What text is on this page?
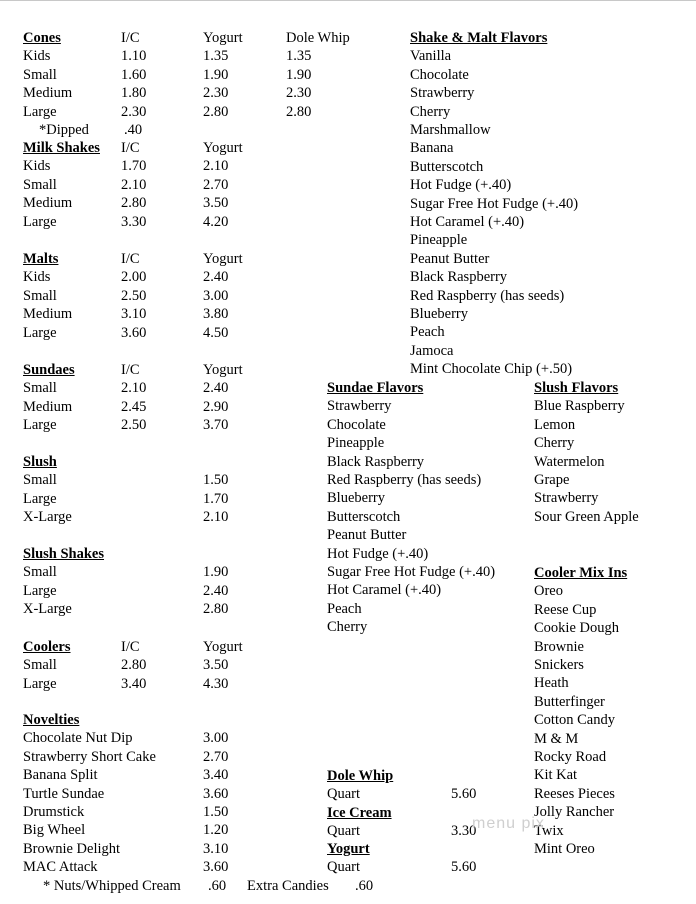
Cones	I/C	Yogurt	Dole Whip
Kids	1.10	1.35	1.35
Small	1.60	1.90	1.90
Medium	1.80	2.30	2.30
Large	2.30	2.80	2.80
*Dipped .40
Milk Shakes I/C	Yogurt
Kids	1.70	2.10
Small	2.10	2.70
Medium	2.80	3.50
Large	3.30	4.20
Malts	I/C	Yogurt
Kids	2.00	2.40
Small	2.50	3.00
Medium	3.10	3.80
Large	3.60	4.50
Sundaes	I/C	Yogurt
Small	2.10	2.40
Medium	2.45	2.90
Large	2.50	3.70
Slush
Small	1.50
Large	1.70
X-Large	2.10
Slush Shakes
Small	1.90
Large	2.40
X-Large	2.80
Coolers	I/C	Yogurt
Small	2.80	3.50
Large	3.40	4.30
Novelties
Chocolate Nut Dip	3.00
Strawberry Short Cake	2.70
Banana Split	3.40
Turtle Sundae	3.60
Drumstick	1.50
Big Wheel	1.20
Brownie Delight	3.10
MAC Attack	3.60
* Nuts/Whipped Cream .60 Extra Candies .60
Shake & Malt Flavors
Vanilla
Chocolate
Strawberry
Cherry
Marshmallow
Banana
Butterscotch
Hot Fudge (+.40)
Sugar Free Hot Fudge (+.40)
Hot Caramel (+.40)
Pineapple
Peanut Butter
Black Raspberry
Red Raspberry (has seeds)
Blueberry
Peach
Jamoca
Mint Chocolate Chip (+.50)
Sundae Flavors
Strawberry
Chocolate
Pineapple
Black Raspberry
Red Raspberry (has seeds)
Blueberry
Butterscotch
Peanut Butter
Hot Fudge (+.40)
Sugar Free Hot Fudge (+.40)
Hot Caramel (+.40)
Peach
Cherry
Slush Flavors
Blue Raspberry
Lemon
Cherry
Watermelon
Grape
Strawberry
Sour Green Apple
Cooler Mix Ins
Oreo
Reese Cup
Cookie Dough
Brownie
Snickers
Heath
Butterfinger
Cotton Candy
M & M
Rocky Road
Kit Kat
Reeses Pieces
Jolly Rancher
Twix
Mint Oreo
Dole Whip
Quart	5.60
Ice Cream
Quart	3.30
Yogurt
Quart	5.60
menu pix
